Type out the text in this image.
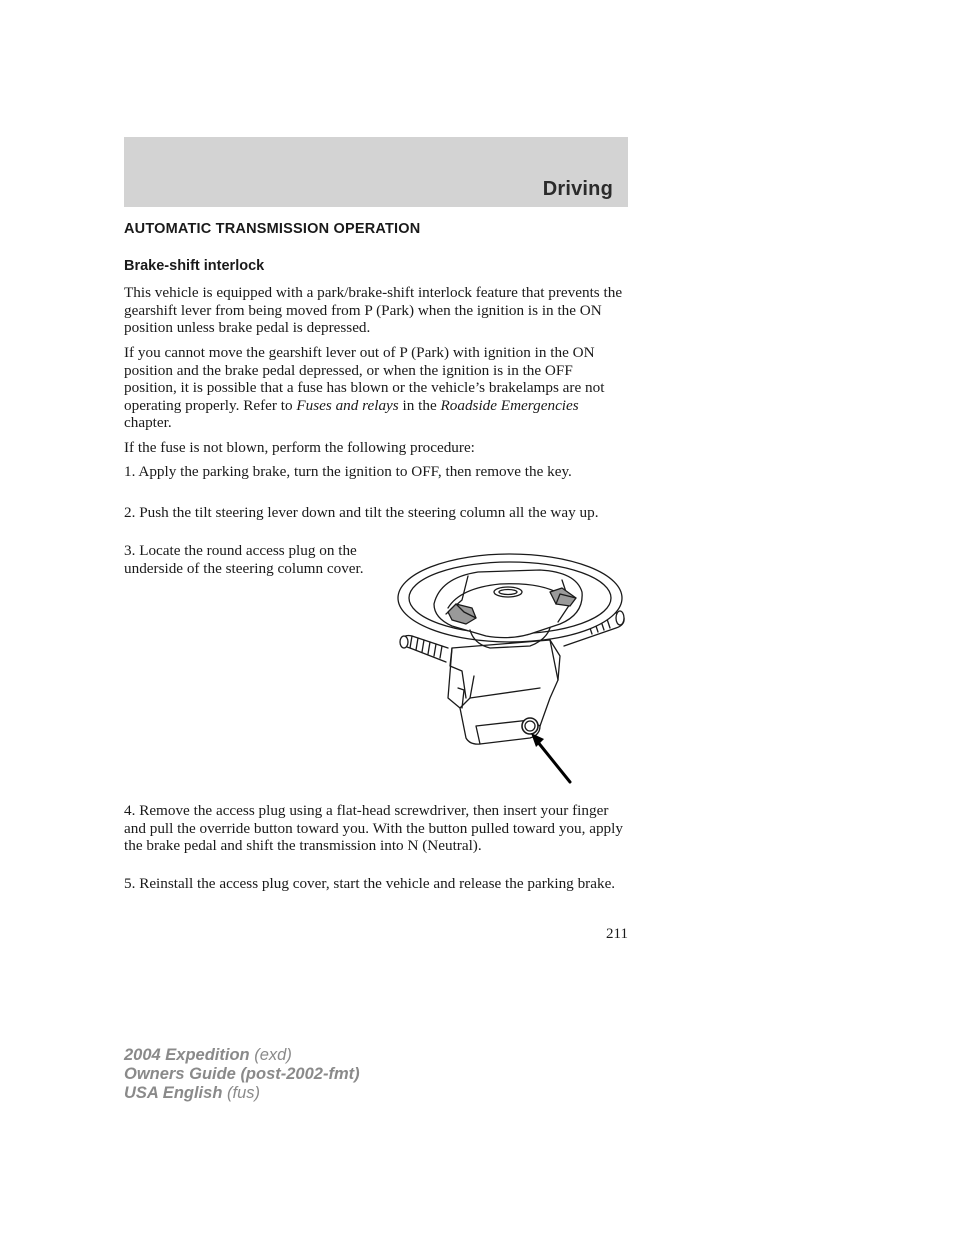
Driving
AUTOMATIC TRANSMISSION OPERATION
Brake-shift interlock

This vehicle is equipped with a park/brake-shift interlock feature that prevents the gearshift lever from being moved from P (Park) when the ignition is in the ON position unless brake pedal is depressed.

If you cannot move the gearshift lever out of P (Park) with ignition in the ON position and the brake pedal depressed, or when the ignition is in the OFF position, it is possible that a fuse has blown or the vehicle’s brakelamps are not operating properly. Refer to Fuses and relays in the Roadside Emergencies chapter.

If the fuse is not blown, perform the following procedure:

1. Apply the parking brake, turn the ignition to OFF, then remove the key.

2. Push the tilt steering lever down and tilt the steering column all the way up.

3. Locate the round access plug on the underside of the steering column cover.

4. Remove the access plug using a flat-head screwdriver, then insert your finger and pull the override button toward you. With the button pulled toward you, apply the brake pedal and shift the transmission into N (Neutral).

5. Reinstall the access plug cover, start the vehicle and release the parking brake.

211
2004 Expedition (exd)
Owners Guide (post-2002-fmt)
USA English (fus)
